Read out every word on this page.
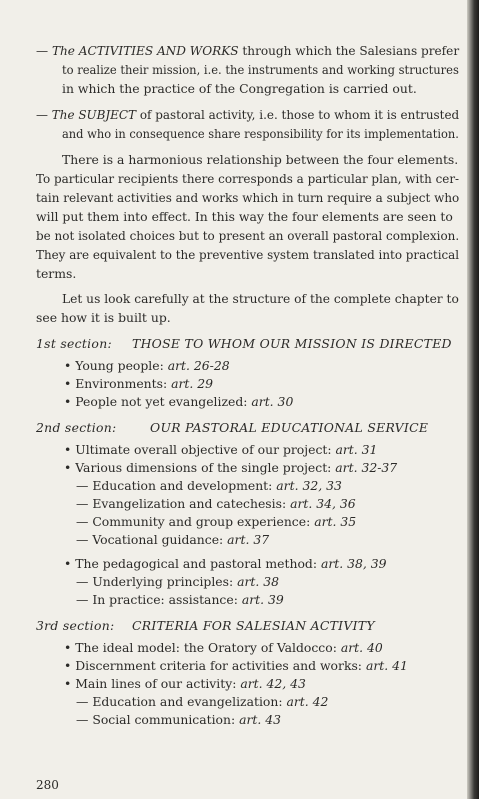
— The ACTIVITIES AND WORKS through which the Salesians prefer
to realize their mission, i.e. the instruments and working structures
in which the practice of the Congregation is carried out.
— The SUBJECT of pastoral activity, i.e. those to whom it is entrusted
and who in consequence share responsibility for its implementation.
There is a harmonious relationship between the four elements.
To particular recipients there corresponds a particular plan, with cer-
tain relevant activities and works which in turn require a subject who
will put them into effect. In this way the four elements are seen to
be not isolated choices but to present an overall pastoral complexion.
They are equivalent to the preventive system translated into practical
terms.
Let us look carefully at the structure of the complete chapter to
see how it is built up.
1st section: THOSE TO WHOM OUR MISSION IS DIRECTED
• Young people: art. 26-28
• Environments: art. 29
• People not yet evangelized: art. 30
2nd section:	OUR PASTORAL EDUCATIONAL SERVICE
• Ultimate overall objective of our project: art. 31
• Various dimensions of the single project: art. 32-37
— Education and development: art. 32, 33
— Evangelization and catechesis: art. 34, 36
— Community and group experience: art. 35
— Vocational guidance: art. 37
• The pedagogical and pastoral method: art. 38, 39
— Underlying principles: art. 38
— In practice: assistance: art. 39
3rd section: CRITERIA FOR SALESIAN ACTIVITY
• The ideal model: the Oratory of Valdocco: art. 40
• Discernment criteria for activities and works: art. 41
• Main lines of our activity: art. 42, 43
— Education and evangelization: art. 42
— Social communication: art. 43
280
